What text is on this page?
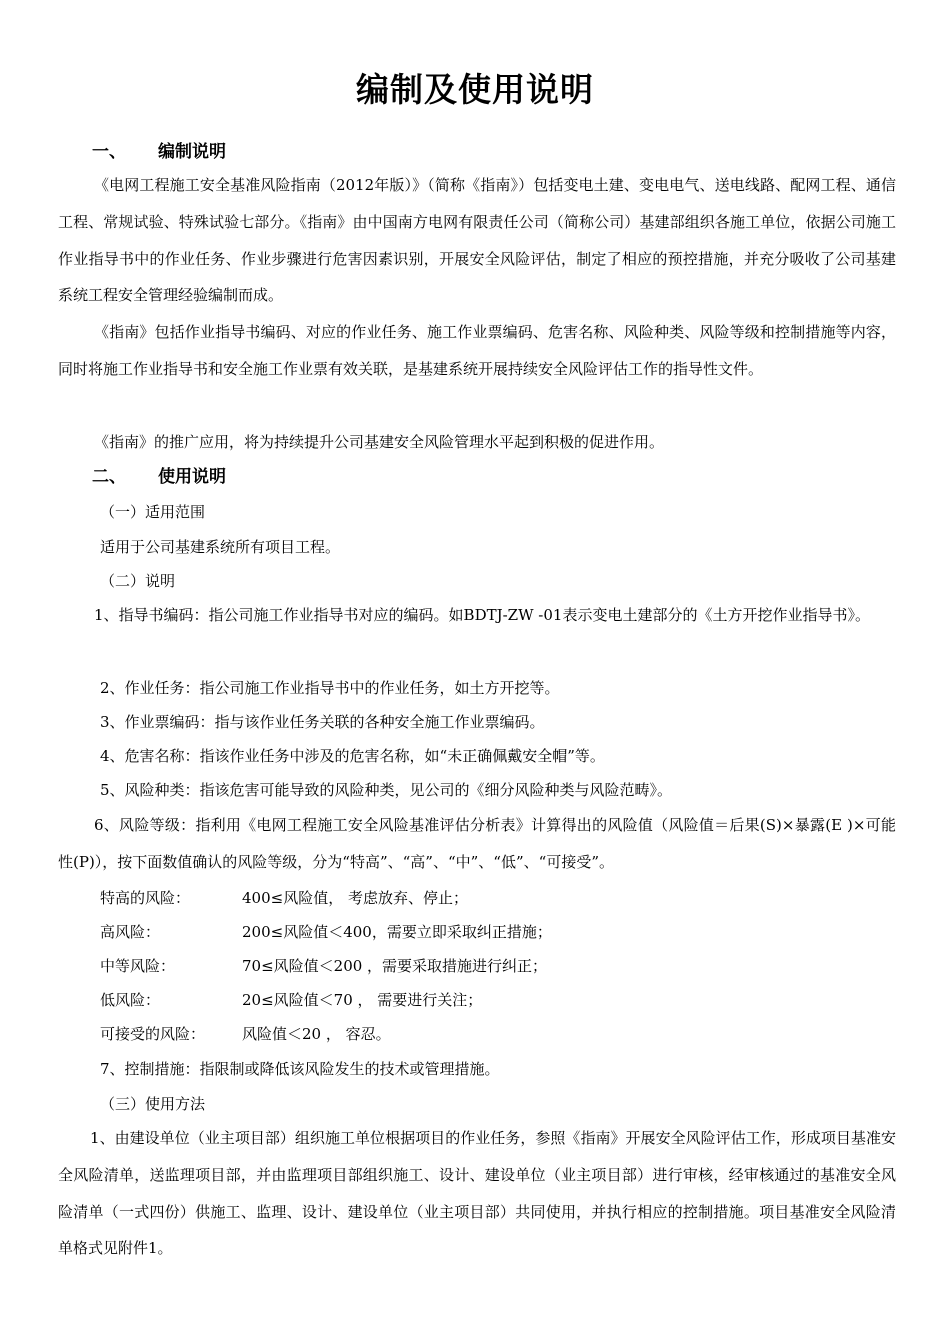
编制及使用说明
一、 编制说明
《电网工程施工安全基准风险指南（2012年版）》（简称《指南》）包括变电土建、变电电气、送电线路、配网工程、通信工程、常规试验、特殊试验七部分。《指南》由中国南方电网有限责任公司（简称公司）基建部组织各施工单位，依据公司施工作业指导书中的作业任务、作业步骤进行危害因素识别，开展安全风险评估，制定了相应的预控措施，并充分吸收了公司基建系统工程安全管理经验编制而成。
《指南》包括作业指导书编码、对应的作业任务、施工作业票编码、危害名称、风险种类、风险等级和控制措施等内容，同时将施工作业指导书和安全施工作业票有效关联，是基建系统开展持续安全风险评估工作的指导性文件。
《指南》的推广应用，将为持续提升公司基建安全风险管理水平起到积极的促进作用。
二、 使用说明
（一）适用范围
适用于公司基建系统所有项目工程。
（二）说明
1、指导书编码：指公司施工作业指导书对应的编码。如BDTJ-ZW -01表示变电土建部分的《土方开挖作业指导书》。
2、作业任务：指公司施工作业指导书中的作业任务，如土方开挖等。
3、作业票编码：指与该作业任务关联的各种安全施工作业票编码。
4、危害名称：指该作业任务中涉及的危害名称，如“未正确佩戴安全帽”等。
5、风险种类：指该危害可能导致的风险种类，见公司的《细分风险种类与风险范畴》。
6、风险等级：指利用《电网工程施工安全风险基准评估分析表》计算得出的风险值（风险值＝后果(S)×暴露(E )×可能性(P)），按下面数值确认的风险等级，分为“特高”、“高”、“中”、“低”、“可接受”。
特高的风险：	400≤风险值， 考虑放弃、停止；
高风险：	200≤风险值＜400，需要立即采取纠正措施；
中等风险：	70≤风险值＜200 ，需要采取措施进行纠正；
低风险：	20≤风险值＜70 ， 需要进行关注；
可接受的风险： 风险值＜20 ， 容忍。
7、控制措施：指限制或降低该风险发生的技术或管理措施。
（三）使用方法
1、由建设单位（业主项目部）组织施工单位根据项目的作业任务，参照《指南》开展安全风险评估工作，形成项目基准安全风险清单，送监理项目部，并由监理项目部组织施工、设计、建设单位（业主项目部）进行审核，经审核通过的基准安全风险清单（一式四份）供施工、监理、设计、建设单位（业主项目部）共同使用，并执行相应的控制措施。项目基准安全风险清单格式见附件1。
